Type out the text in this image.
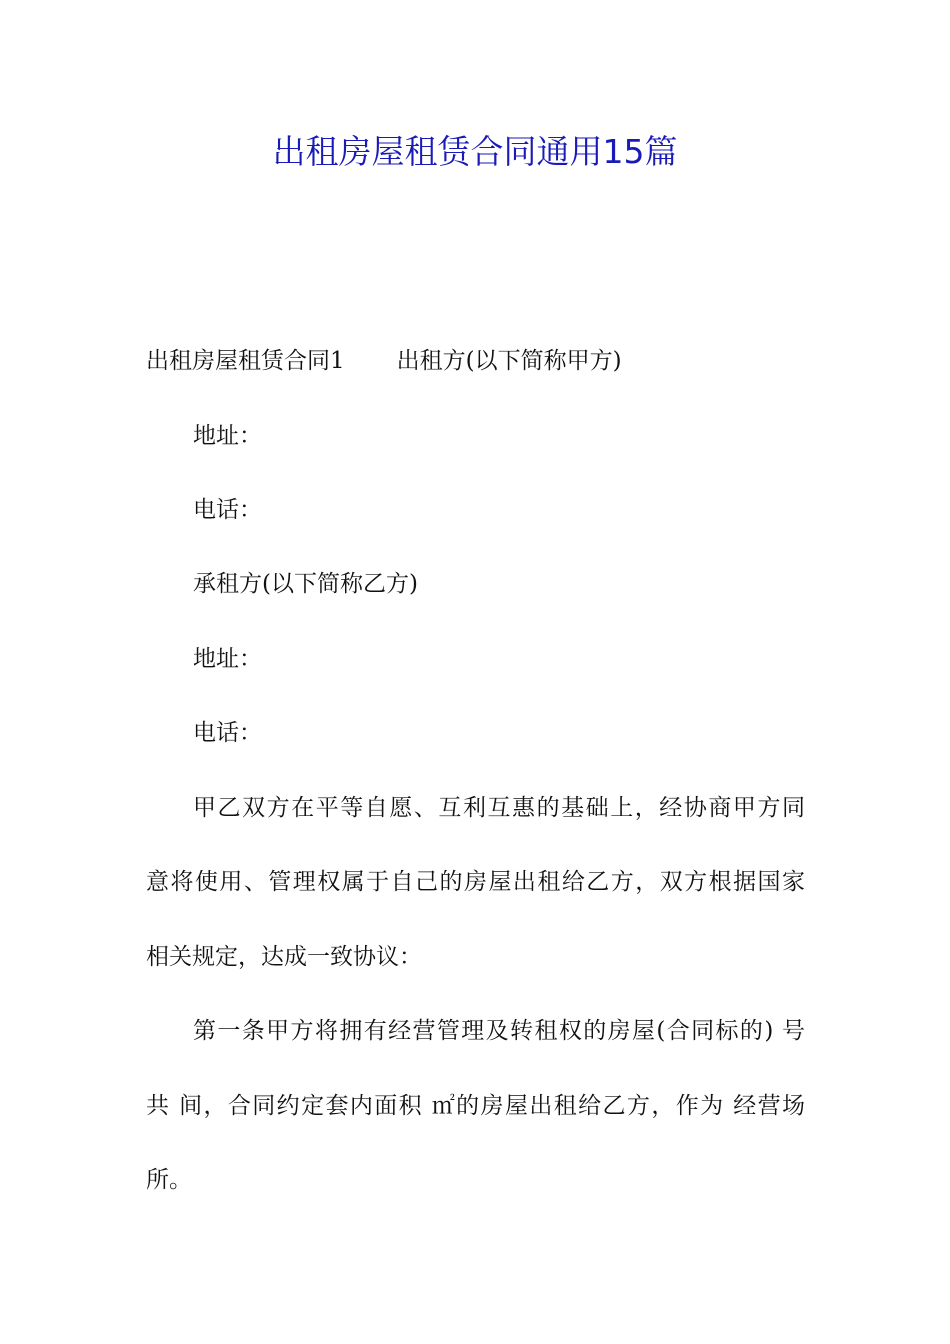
出租房屋租赁合同通用15篇
出租房屋租赁合同1 出租方(以下简称甲方)
地址：
电话：
承租方(以下简称乙方)
地址：
电话：
甲乙双方在平等自愿、互利互惠的基础上，经协商甲方同
意将使用、管理权属于自己的房屋出租给乙方，双方根据国家
相关规定，达成一致协议：
第一条甲方将拥有经营管理及转租权的房屋(合同标的) 号
共 间，合同约定套内面积 ㎡的房屋出租给乙方，作为 经营场
所。
